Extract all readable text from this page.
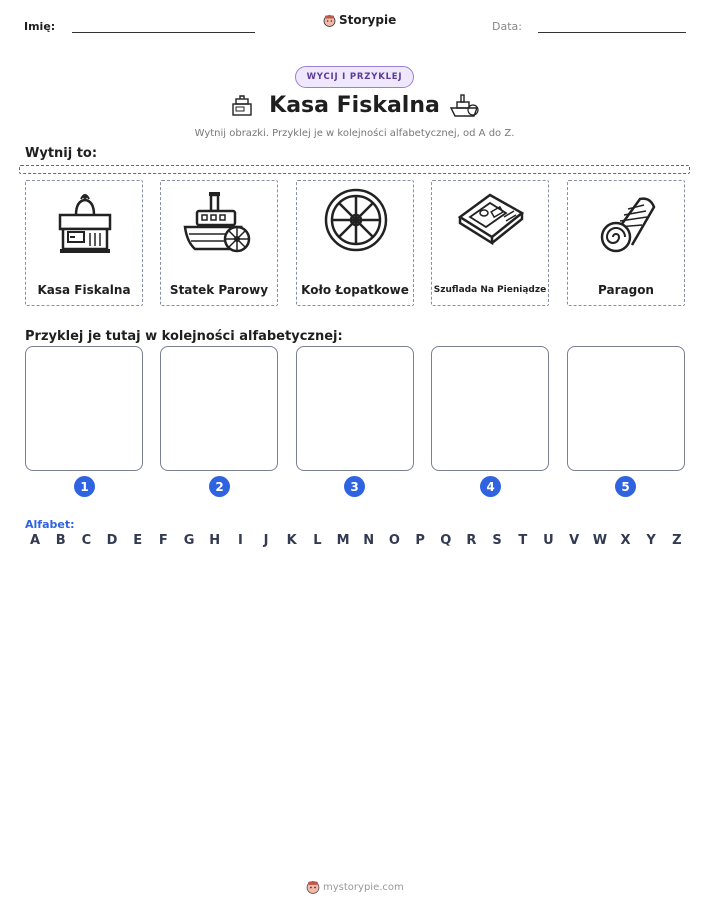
Imię:	Storypie	Data:
WYCIJ I PRZYKLEJ
Kasa Fiskalna
Wytnij obrazki. Przyklej je w kolejności alfabetycznej, od A do Z.
Wytnij to:
Kasa Fiskalna	Statek Parowy	Koło Łopatkowe	Szuflada Na Pieniądze	Paragon
Przyklej je tutaj w kolejności alfabetycznej:
1	2	3	4	5
Alfabet:
A B C D E F G H	I	J	K L M N O P Q R S T U V W X Y Z
mystorypie.com
